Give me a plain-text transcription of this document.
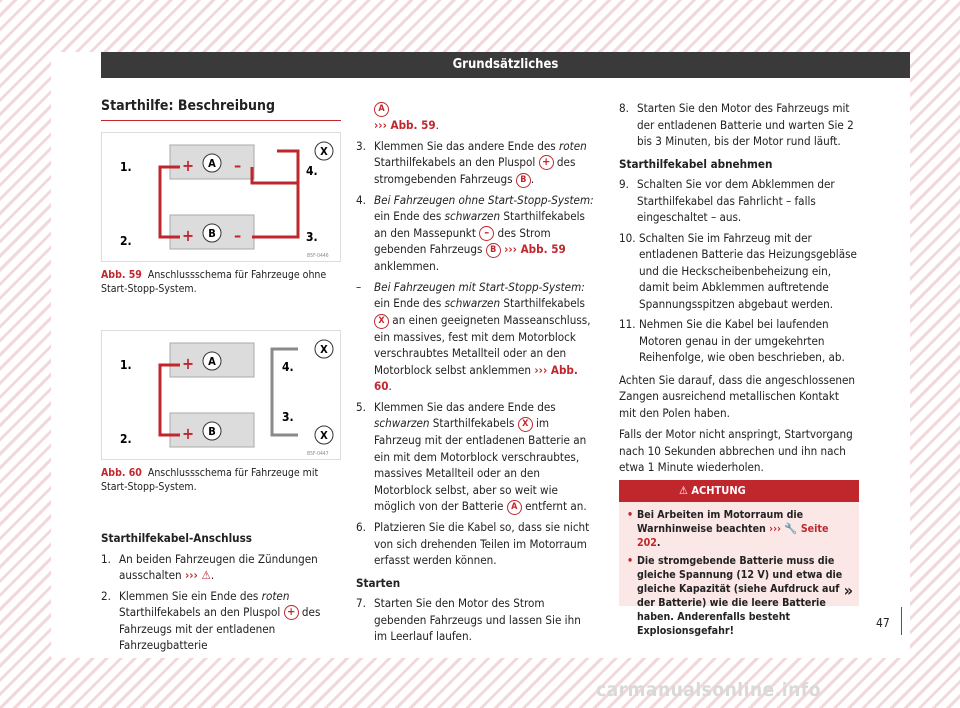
Grundsätzliches
Starthilfe: Beschreibung
+ –
+ –
A
B
X
1.
2.	3.
4.
B5F-0446
Abb. 59 Anschlussschema für Fahrzeuge ohne Start-Stopp-System.
+
+
A
B
X
X
1.
2.
3.
4.
B5F-0447
Abb. 60 Anschlussschema für Fahrzeuge mit Start-Stopp-System.
Starthilfekabel-Anschluss
1. An beiden Fahrzeugen die Zündungen ausschalten ››› ⚠.
2. Klemmen Sie ein Ende des roten Starthilfekabels an den Pluspol + des Fahrzeugs mit der entladenen Fahrzeugbatterie
A
››› Abb. 59.
3. Klemmen Sie das andere Ende des roten Starthilfekabels an den Pluspol + des stromgebenden Fahrzeugs B .
4. Bei Fahrzeugen ohne Start-Stopp-System: ein Ende des schwarzen Starthilfekabels an den Massepunkt – des Strom gebenden Fahrzeugs B ››› Abb. 59 anklemmen.
– Bei Fahrzeugen mit Start-Stopp-System: ein Ende des schwarzen Starthilfekabels X an einen geeigneten Masseanschluss, ein massives, fest mit dem Motorblock verschraubtes Metallteil oder an den Motorblock selbst anklemmen ››› Abb. 60.
5. Klemmen Sie das andere Ende des schwarzen Starthilfekabels X im Fahrzeug mit der entladenen Batterie an ein mit dem Motorblock verschraubtes, massives Metallteil oder an den Motorblock selbst, aber so weit wie möglich von der Batterie A entfernt an.
6. Platzieren Sie die Kabel so, dass sie nicht von sich drehenden Teilen im Motorraum erfasst werden können.
Starten
7. Starten Sie den Motor des Strom gebenden Fahrzeugs und lassen Sie ihn im Leerlauf laufen.
8. Starten Sie den Motor des Fahrzeugs mit der entladenen Batterie und warten Sie 2 bis 3 Minuten, bis der Motor rund läuft.
Starthilfekabel abnehmen
9. Schalten Sie vor dem Abklemmen der Starthilfekabel das Fahrlicht – falls eingeschaltet – aus.
10. Schalten Sie im Fahrzeug mit der entladenen Batterie das Heizungsgebläse und die Heckscheibenbeheizung ein, damit beim Abklemmen auftretende Spannungsspitzen abgebaut werden.
11. Nehmen Sie die Kabel bei laufenden Motoren genau in der umgekehrten Reihenfolge, wie oben beschrieben, ab.
Achten Sie darauf, dass die angeschlossenen Zangen ausreichend metallischen Kontakt mit den Polen haben.
Falls der Motor nicht anspringt, Startvorgang nach 10 Sekunden abbrechen und ihn nach etwa 1 Minute wiederholen.
⚠ ACHTUNG
• Bei Arbeiten im Motorraum die Warnhinweise beachten ››› 🔧 Seite 202.
• Die stromgebende Batterie muss die gleiche Spannung (12 V) und etwa die gleiche Kapazität (siehe Aufdruck auf der Batterie) wie die leere Batterie haben. Anderenfalls besteht Explosionsgefahr!
»
47
carmanualsonline.info
